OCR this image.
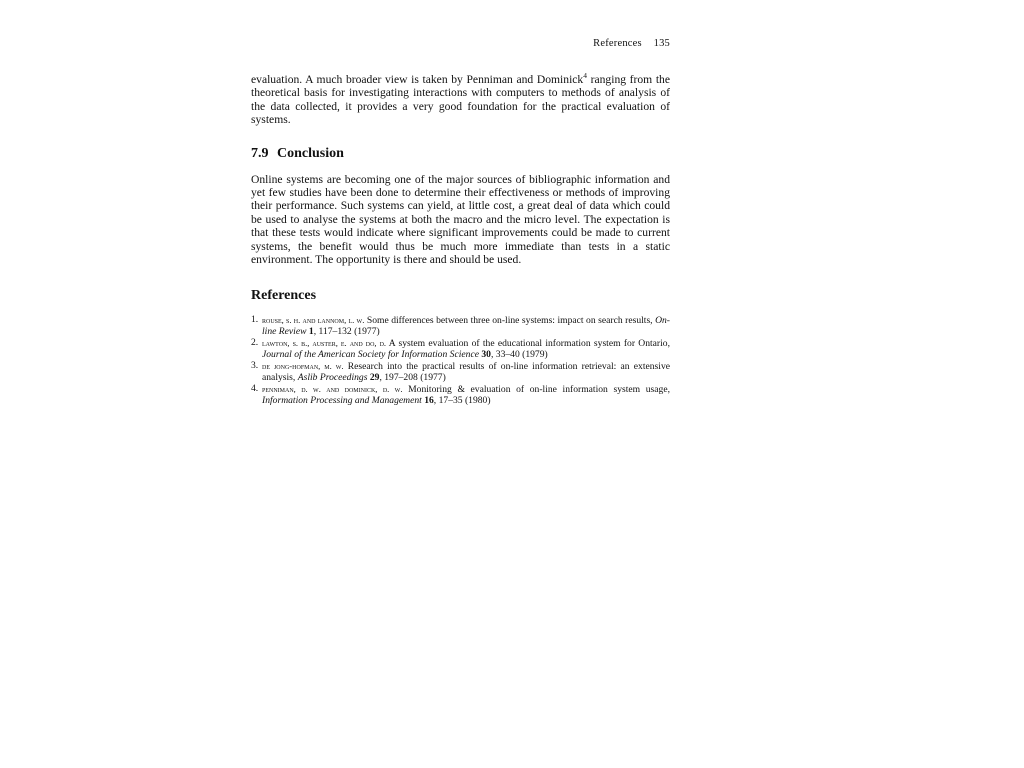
References 135

evaluation. A much broader view is taken by Penniman and Dominick$^4$ ranging from the theoretical basis for investigating interactions with computers to methods of analysis of the data collected, it provides a very good foundation for the practical evaluation of systems.

7.9 Conclusion

Online systems are becoming one of the major sources of bibliographic information and yet few studies have been done to determine their effectiveness or methods of improving their performance. Such systems can yield, at little cost, a great deal of data which could be used to analyse the systems at both the macro and the micro level. The expectation is that these tests would indicate where significant improvements could be made to current systems, the benefit would thus be much more immediate than tests in a static environment. The opportunity is there and should be used.

References
1. rouse, s. h. and lannom, l. w. Some differences between three on-line systems: impact on search results, On-line Review 1, 117–132 (1977)
2. lawton, s. b., auster, e. and do, d. A system evaluation of the educational information system for Ontario, Journal of the American Society for Information Science 30, 33–40 (1979)
3. de jong-hofman, m. w. Research into the practical results of on-line information retrieval: an extensive analysis, Aslib Proceedings 29, 197–208 (1977)
4. penniman, d. w. and dominick, d. w. Monitoring & evaluation of on-line information system usage, Information Processing and Management 16, 17–35 (1980)
